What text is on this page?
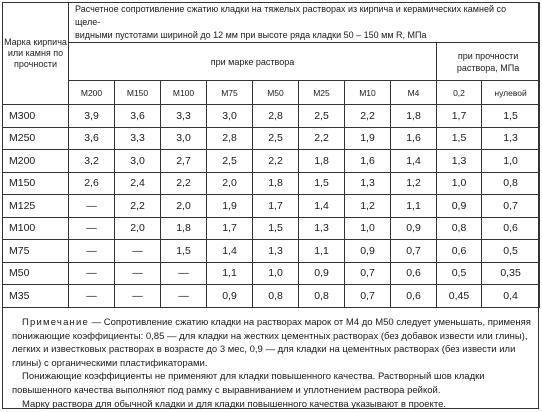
Марка кирпича или камня по прочности	Расчетное сопротивление сжатию кладки на тяжелых растворах из кирпича и керамических камней со щеле-
видными пустотами шириной до 12 мм при высоте ряда кладки 50 – 150 мм R, МПа									
	при марке раствора								при прочности раствора, МПа	
	М200	М150	М100	М75	М50	М25	М10	М4	0,2	нулевой
М300	3,9	3,6	3,3	3,0	2,8	2,5	2,2	1,8	1,7	1,5
М250	3,6	3,3	3,0	2,8	2,5	2,2	1,9	1,6	1,5	1,3
М200	3,2	3,0	2,7	2,5	2,2	1,8	1,6	1,4	1,3	1,0
М150	2,6	2,4	2,2	2,0	1,8	1,5	1,3	1,2	1,0	0,8
М125	—	2,2	2,0	1,9	1,7	1,4	1,2	1,1	0,9	0,7
М100	—	2,0	1,8	1,7	1,5	1,3	1,0	0,9	0,8	0,6
М75	—	—	1,5	1,4	1,3	1,1	0,9	0,7	0,6	0,5
М50	—	—	—	1,1	1,0	0,9	0,7	0,6	0,5	0,35
М35	—	—	—	0,9	0,8	0,8	0,7	0,6	0,45	0,4

Примечание — Сопротивление сжатию кладки на растворах марок от М4 до М50 следует уменьшать, применяя понижающие коэффициенты: 0,85 — для кладки на жестких цементных растворах (без добавок извести или глины), легких и известковых растворах в возрасте до 3 мес, 0,9 — для кладки на цементных растворах (без извести или глины) с органическими пластификаторами.

Понижающие коэффициенты не применяют для кладки повышенного качества. Растворный шов кладки повышенного качества выполняют под рамку с выравниванием и уплотнением раствора рейкой.

Марку раствора для обычной кладки и для кладки повышенного качества указывают в проекте.
